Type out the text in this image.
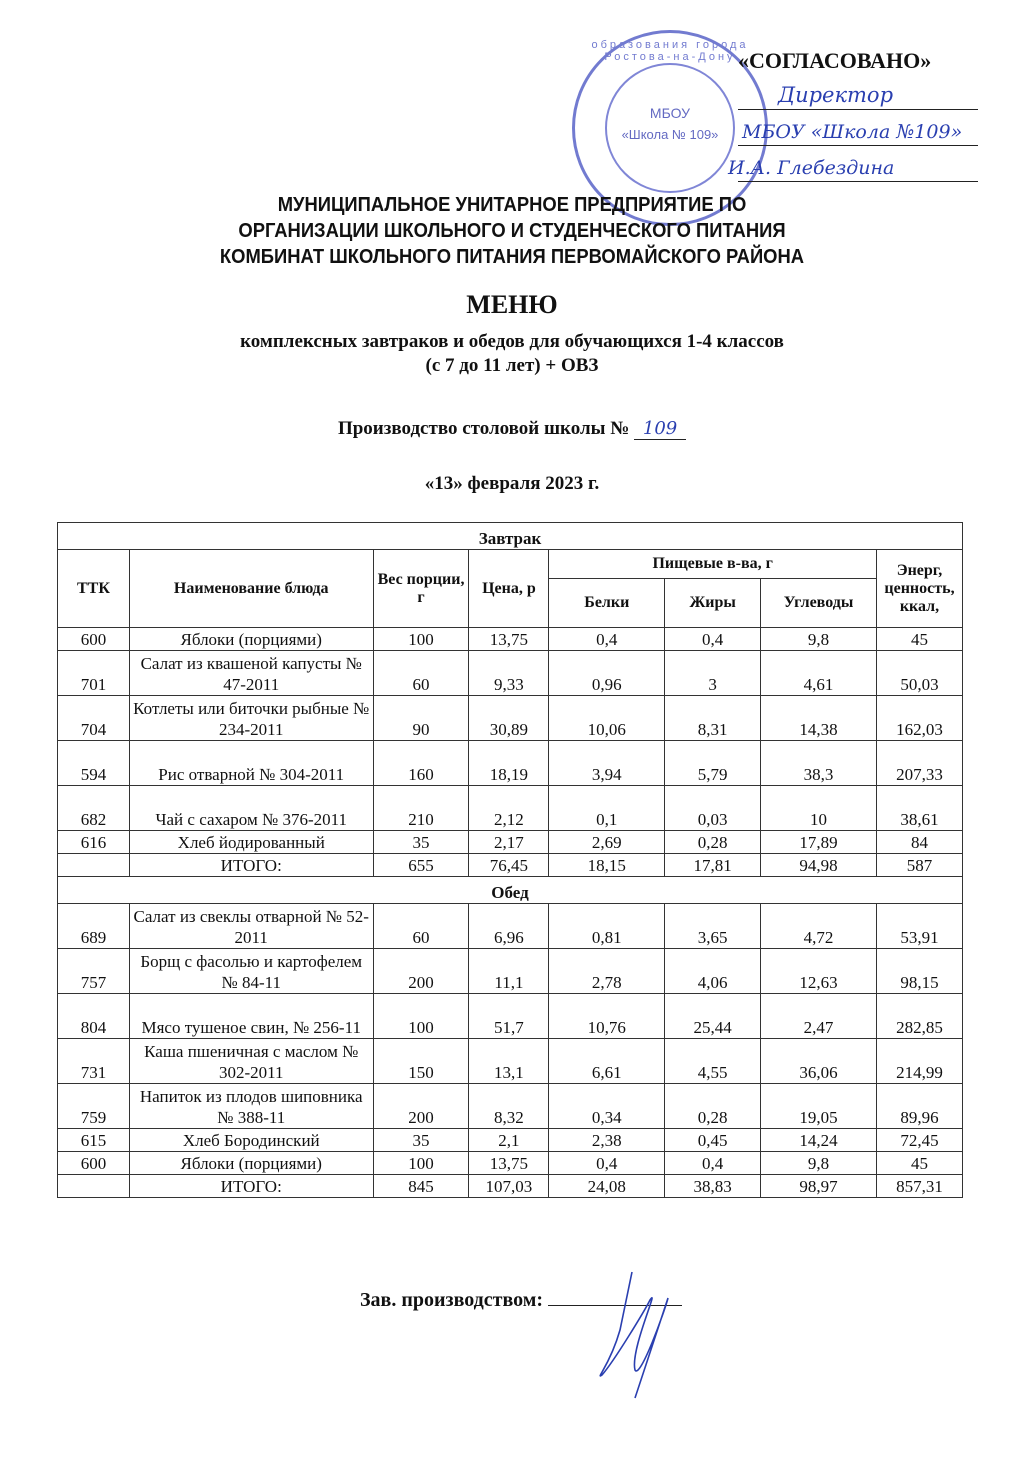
образования города Ростова-на-Дону
МБОУ
«Школа № 109»
«СОГЛАСОВАНО»
Директор
МБОУ «Школа №109»
И.А. Глебездина
МУНИЦИПАЛЬНОЕ УНИТАРНОЕ ПРЕДПРИЯТИЕ ПО
ОРГАНИЗАЦИИ ШКОЛЬНОГО И СТУДЕНЧЕСКОГО ПИТАНИЯ
КОМБИНАТ ШКОЛЬНОГО ПИТАНИЯ ПЕРВОМАЙСКОГО РАЙОНА
МЕНЮ
комплексных завтраков и обедов для обучающихся 1-4 классов
(с 7 до 11 лет) + ОВЗ
Производство столовой школы № 109
«13» февраля 2023 г.
Завтрак							
ТТК	Наименование блюда	Вес порции, г	Цена, р	Пищевые в-ва, г			Энерг, ценность, ккал,
				Белки	Жиры	Углеводы	
600	Яблоки (порциями)	100	13,75	0,4	0,4	9,8	45
701	Салат из квашеной капусты № 47-2011	60	9,33	0,96	3	4,61	50,03
704	Котлеты или биточки рыбные № 234-2011	90	30,89	10,06	8,31	14,38	162,03
594	Рис отварной № 304-2011	160	18,19	3,94	5,79	38,3	207,33
682	Чай с сахаром № 376-2011	210	2,12	0,1	0,03	10	38,61
616	Хлеб йодированный	35	2,17	2,69	0,28	17,89	84
	ИТОГО:	655	76,45	18,15	17,81	94,98	587
Обед							
689	Салат из свеклы отварной № 52-2011	60	6,96	0,81	3,65	4,72	53,91
757	Борщ с фасолью и картофелем № 84-11	200	11,1	2,78	4,06	12,63	98,15
804	Мясо тушеное свин, № 256-11	100	51,7	10,76	25,44	2,47	282,85
731	Каша пшеничная с маслом № 302-2011	150	13,1	6,61	4,55	36,06	214,99
759	Напиток из плодов шиповника № 388-11	200	8,32	0,34	0,28	19,05	89,96
615	Хлеб Бородинский	35	2,1	2,38	0,45	14,24	72,45
600	Яблоки (порциями)	100	13,75	0,4	0,4	9,8	45
	ИТОГО:	845	107,03	24,08	38,83	98,97	857,31
Зав. производством:
